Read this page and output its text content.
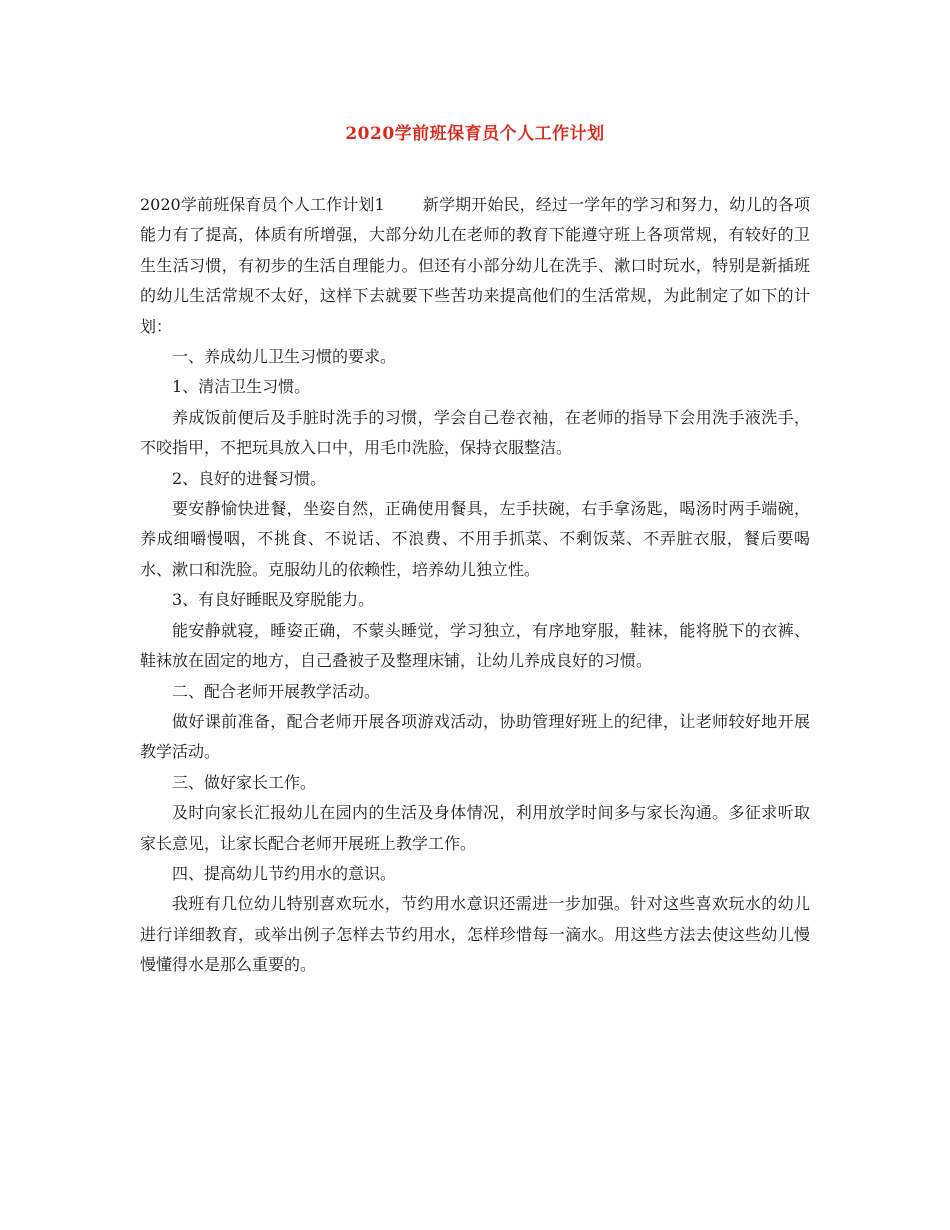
2020学前班保育员个人工作计划

2020学前班保育员个人工作计划1 新学期开始民，经过一学年的学习和努力，幼儿的各项能力有了提高，体质有所增强，大部分幼儿在老师的教育下能遵守班上各项常规，有较好的卫生生活习惯，有初步的生活自理能力。但还有小部分幼儿在洗手、漱口时玩水，特别是新插班的幼儿生活常规不太好，这样下去就要下些苦功来提高他们的生活常规，为此制定了如下的计划：

一、养成幼儿卫生习惯的要求。

1、清洁卫生习惯。

养成饭前便后及手脏时洗手的习惯，学会自己卷衣袖，在老师的指导下会用洗手液洗手，不咬指甲，不把玩具放入口中，用毛巾洗脸，保持衣服整洁。

2、良好的进餐习惯。

要安静愉快进餐，坐姿自然，正确使用餐具，左手扶碗，右手拿汤匙，喝汤时两手端碗，养成细嚼慢咽，不挑食、不说话、不浪费、不用手抓菜、不剩饭菜、不弄脏衣服，餐后要喝水、漱口和洗脸。克服幼儿的依赖性，培养幼儿独立性。

3、有良好睡眠及穿脱能力。

能安静就寝，睡姿正确，不蒙头睡觉，学习独立，有序地穿服，鞋袜，能将脱下的衣裤、鞋袜放在固定的地方，自己叠被子及整理床铺，让幼儿养成良好的习惯。

二、配合老师开展教学活动。

做好课前准备，配合老师开展各项游戏活动，协助管理好班上的纪律，让老师较好地开展教学活动。

三、做好家长工作。

及时向家长汇报幼儿在园内的生活及身体情况，利用放学时间多与家长沟通。多征求听取家长意见，让家长配合老师开展班上教学工作。

四、提高幼儿节约用水的意识。

我班有几位幼儿特别喜欢玩水，节约用水意识还需进一步加强。针对这些喜欢玩水的幼儿进行详细教育，或举出例子怎样去节约用水，怎样珍惜每一滴水。用这些方法去使这些幼儿慢慢懂得水是那么重要的。
